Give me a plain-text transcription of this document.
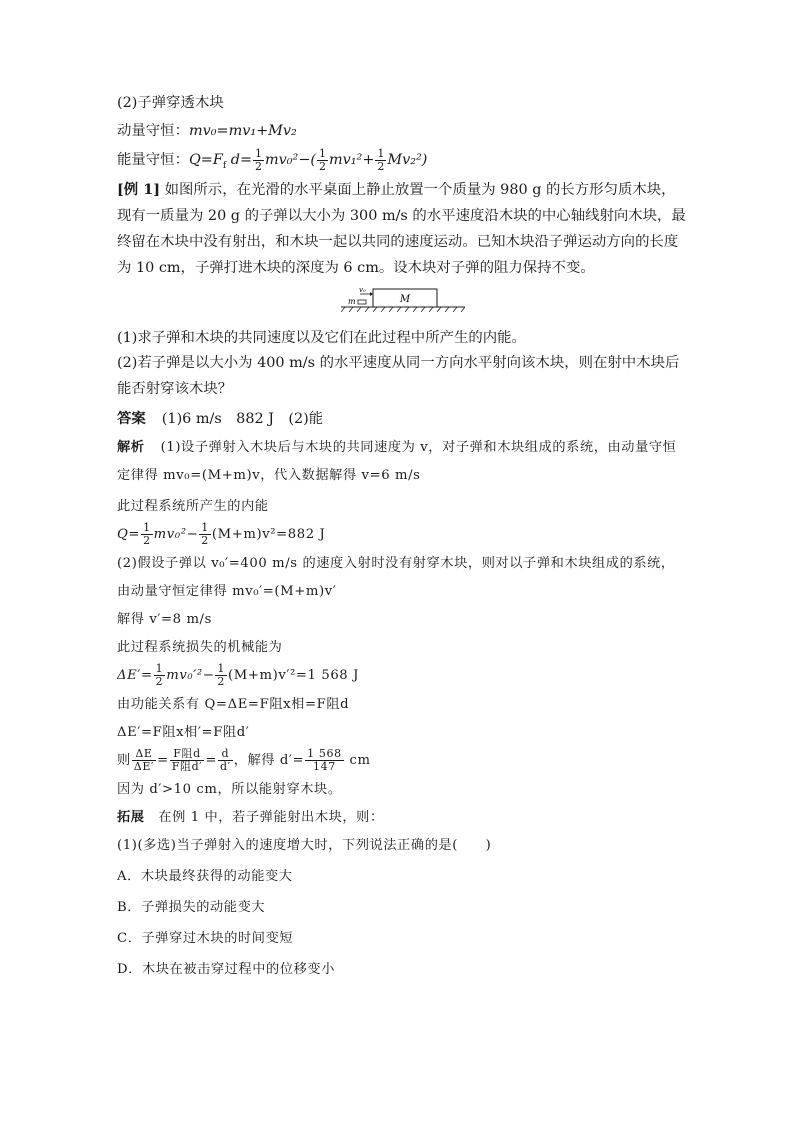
(2)子弹穿透木块

动量守恒：mv₀=mv₁+Mv₂

能量守恒：$Q=F_f$ $d= \frac{1}{2} mv_0^2-( \frac{1}{2} mv_1^2+ \frac{1}{2} Mv_2^2)$

[例 1] 如图所示，在光滑的水平桌面上静止放置一个质量为 980 g 的长方形匀质木块，现有一质量为 20 g 的子弹以大小为 300 m/s 的水平速度沿木块的中心轴线射向木块，最终留在木块中没有射出，和木块一起以共同的速度运动。已知木块沿子弹运动方向的长度为 10 cm，子弹打进木块的深度为 6 cm。设木块对子弹的阻力保持不变。

M
v₀
m

(1)求子弹和木块的共同速度以及它们在此过程中所产生的内能。

(2)若子弹是以大小为 400 m/s 的水平速度从同一方向水平射向该木块，则在射中木块后能否射穿该木块？

答案 (1)6 m/s　882 J　(2)能

解析 (1)设子弹射入木块后与木块的共同速度为 v，对子弹和木块组成的系统，由动量守恒

定律得 mv₀=(M+m)v，代入数据解得 v=6 m/s

此过程系统所产生的内能

$Q= \frac{1}{2} mv_0^2- \frac{1}{2} (M+m)v^2=882$ J

(2)假设子弹以 v₀′=400 m/s 的速度入射时没有射穿木块，则对以子弹和木块组成的系统，

由动量守恒定律得 mv₀′=(M+m)v′

解得 v′=8 m/s

此过程系统损失的机械能为

$\Delta E'= \frac{1}{2} mv_0'^2- \frac{1}{2} (M+m)v'^2=1$ 568 J

由功能关系有 Q=ΔE=F阻x相=F阻d

ΔE′=F阻x相′=F阻d′

则 $\frac{\Delta E}{\Delta E'} = \frac{\text{F阻d}}{\text{F阻d′}} = \frac{d}{d'}$ ，解得 $d'= \frac{1 568}{147}$ cm

因为 d′>10 cm，所以能射穿木块。

拓展　在例 1 中，若子弹能射出木块，则：

(1)(多选)当子弹射入的速度增大时，下列说法正确的是(　　)

A．木块最终获得的动能变大

B．子弹损失的动能变大

C．子弹穿过木块的时间变短

D．木块在被击穿过程中的位移变小
